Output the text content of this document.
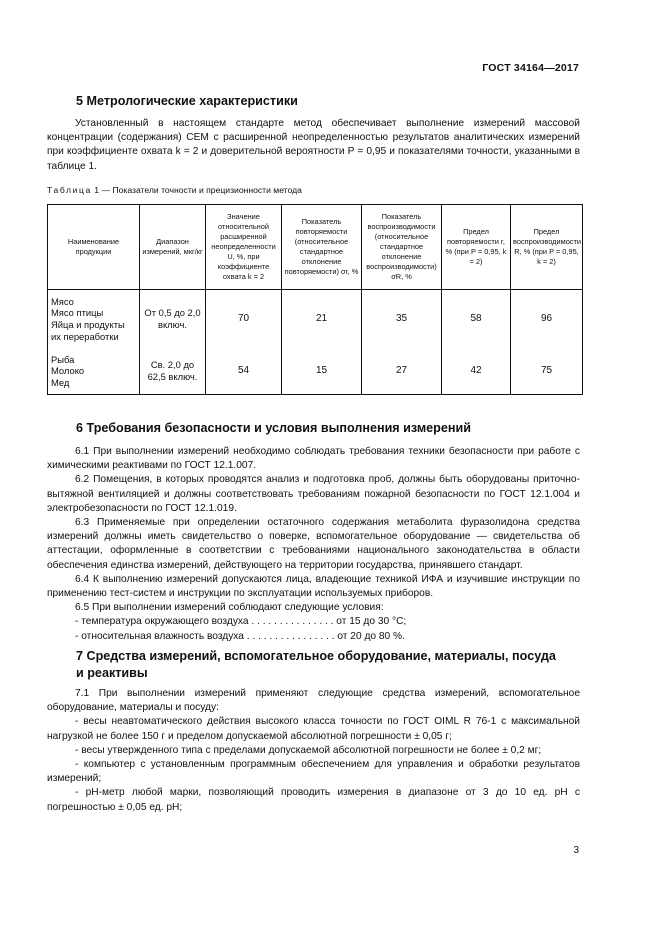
ГОСТ 34164—2017
5 Метрологические характеристики

Установленный в настоящем стандарте метод обеспечивает выполнение измерений массовой концентрации (содержания) СЕМ с расширенной неопределенностью результатов аналитических измерений при коэффициенте охвата k = 2 и доверительной вероятности P = 0,95 и показателями точности, указанными в таблице 1.

Таблица 1 — Показатели точности и прецизионности метода
Наименование продукции	Диапазон измерений, мкг/кг	Значение относительной расширенной неопределенности U, %, при коэффициенте охвата k = 2	Показатель повторяемости (относительное стандартное отклонение повторяемости) σr, %	Показатель воспроизводимости (относительное стандартное отклонение воспроизводимости) σR, %	Предел повторяемости r, % (при P = 0,95, k = 2)	Предел воспроизводимости R, % (при P = 0,95, k = 2)
Мясо
Мясо птицы
Яйца и продукты их переработки	От 0,5 до 2,0 включ.	70	21	35	58	96
Рыба
Молоко
Мед	Св. 2,0 до 62,5 включ.	54	15	27	42	75
6 Требования безопасности и условия выполнения измерений

6.1 При выполнении измерений необходимо соблюдать требования техники безопасности при работе с химическими реактивами по ГОСТ 12.1.007.

6.2 Помещения, в которых проводятся анализ и подготовка проб, должны быть оборудованы приточно-вытяжной вентиляцией и должны соответствовать требованиям пожарной безопасности по ГОСТ 12.1.004 и электробезопасности по ГОСТ 12.1.019.

6.3 Применяемые при определении остаточного содержания метаболита фуразолидона средства измерений должны иметь свидетельство о поверке, вспомогательное оборудование — свидетельства об аттестации, оформленные в соответствии с требованиями национального законодательства в области обеспечения единства измерений, действующего на территории государства, принявшего стандарт.

6.4 К выполнению измерений допускаются лица, владеющие техникой ИФА и изучившие инструкции по применению тест-систем и инструкции по эксплуатации используемых приборов.

6.5 При выполнении измерений соблюдают следующие условия:

- температура окружающего воздуха . . . . . . . . . . . . . . . от 15 до 30 °С;

- относительная влажность воздуха . . . . . . . . . . . . . . . . от 20 до 80 %.

7 Средства измерений, вспомогательное оборудование, материалы, посуда и реактивы

7.1 При выполнении измерений применяют следующие средства измерений, вспомогательное оборудование, материалы и посуду:

- весы неавтоматического действия высокого класса точности по ГОСТ OIML R 76-1 с максимальной нагрузкой не более 150 г и пределом допускаемой абсолютной погрешности ± 0,05 г;

- весы утвержденного типа с пределами допускаемой абсолютной погрешности не более ± 0,2 мг;

- компьютер с установленным программным обеспечением для управления и обработки результатов измерений;

- рН-метр любой марки, позволяющий проводить измерения в диапазоне от 3 до 10 ед. рН с погрешностью ± 0,05 ед. рН;

3
